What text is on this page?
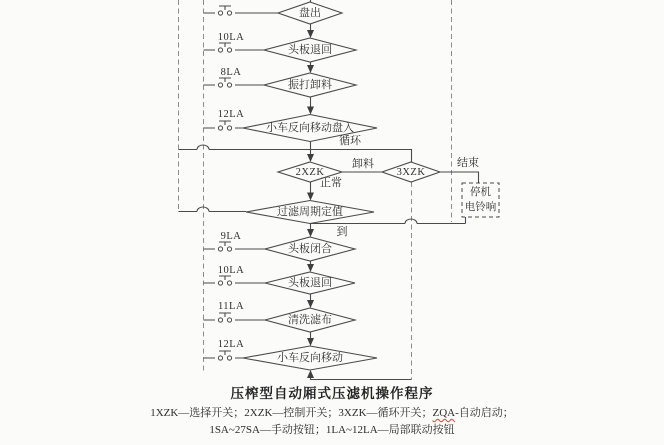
盘出
头板退回
振打卸料
小车反向移动盘入
2XZK	3XZK
过滤周期定值
头板闭合
头板退回
清洗滤布
小车反向移动
10LA
8LA
12LA
9LA
10LA
11LA
12LA
循环
卸料	结束
正常
到
停机
电铃响
压榨型自动厢式压滤机操作程序
1XZK—选择开关；2XZK—控制开关；3XZK—循环开关；ZQA-自动启动；
1SA~27SA—手动按钮；1LA~12LA—局部联动按钮
